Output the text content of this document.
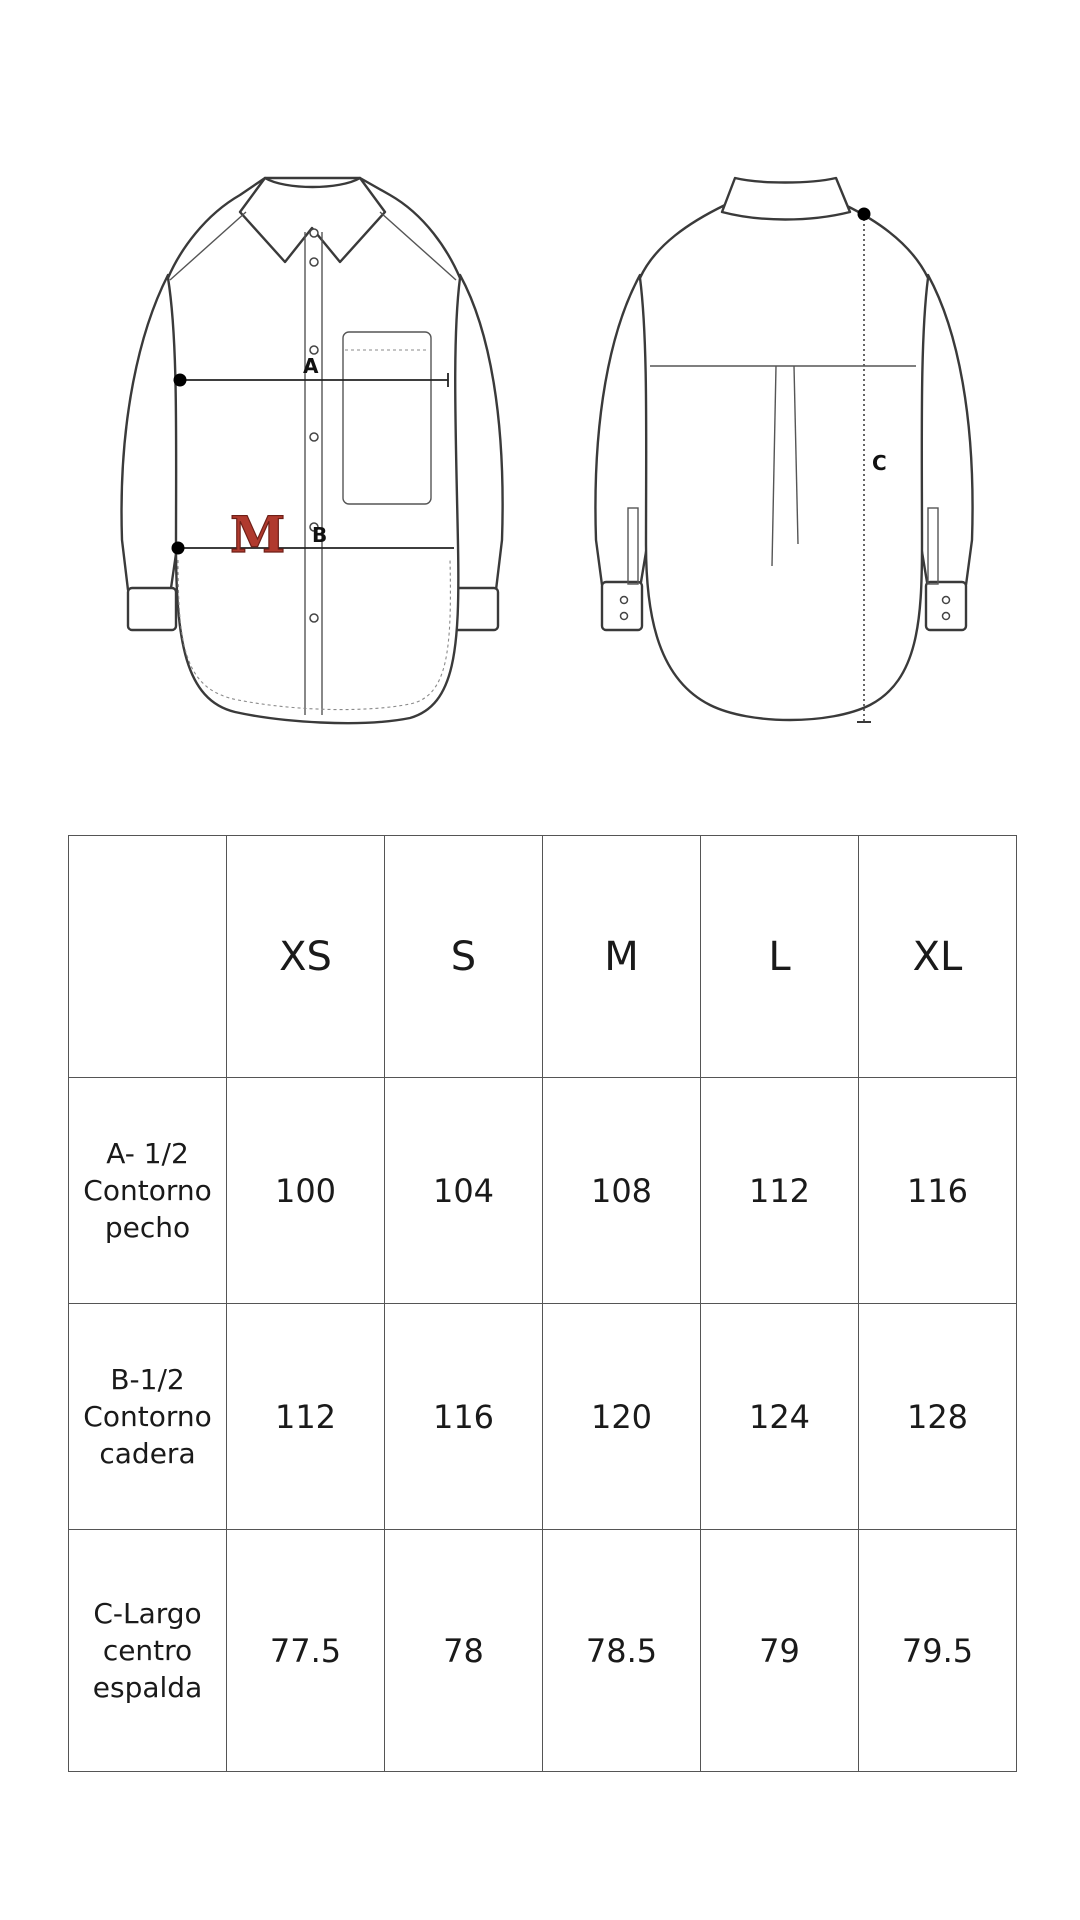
A
B
M
C
	XS	S	M	L	XL

A- 1/2
Contorno
pecho	100	104	108	112	116

B-1/2
Contorno
cadera	112	116	120	124	128

C-Largo
centro
espalda	77.5	78	78.5	79	79.5
